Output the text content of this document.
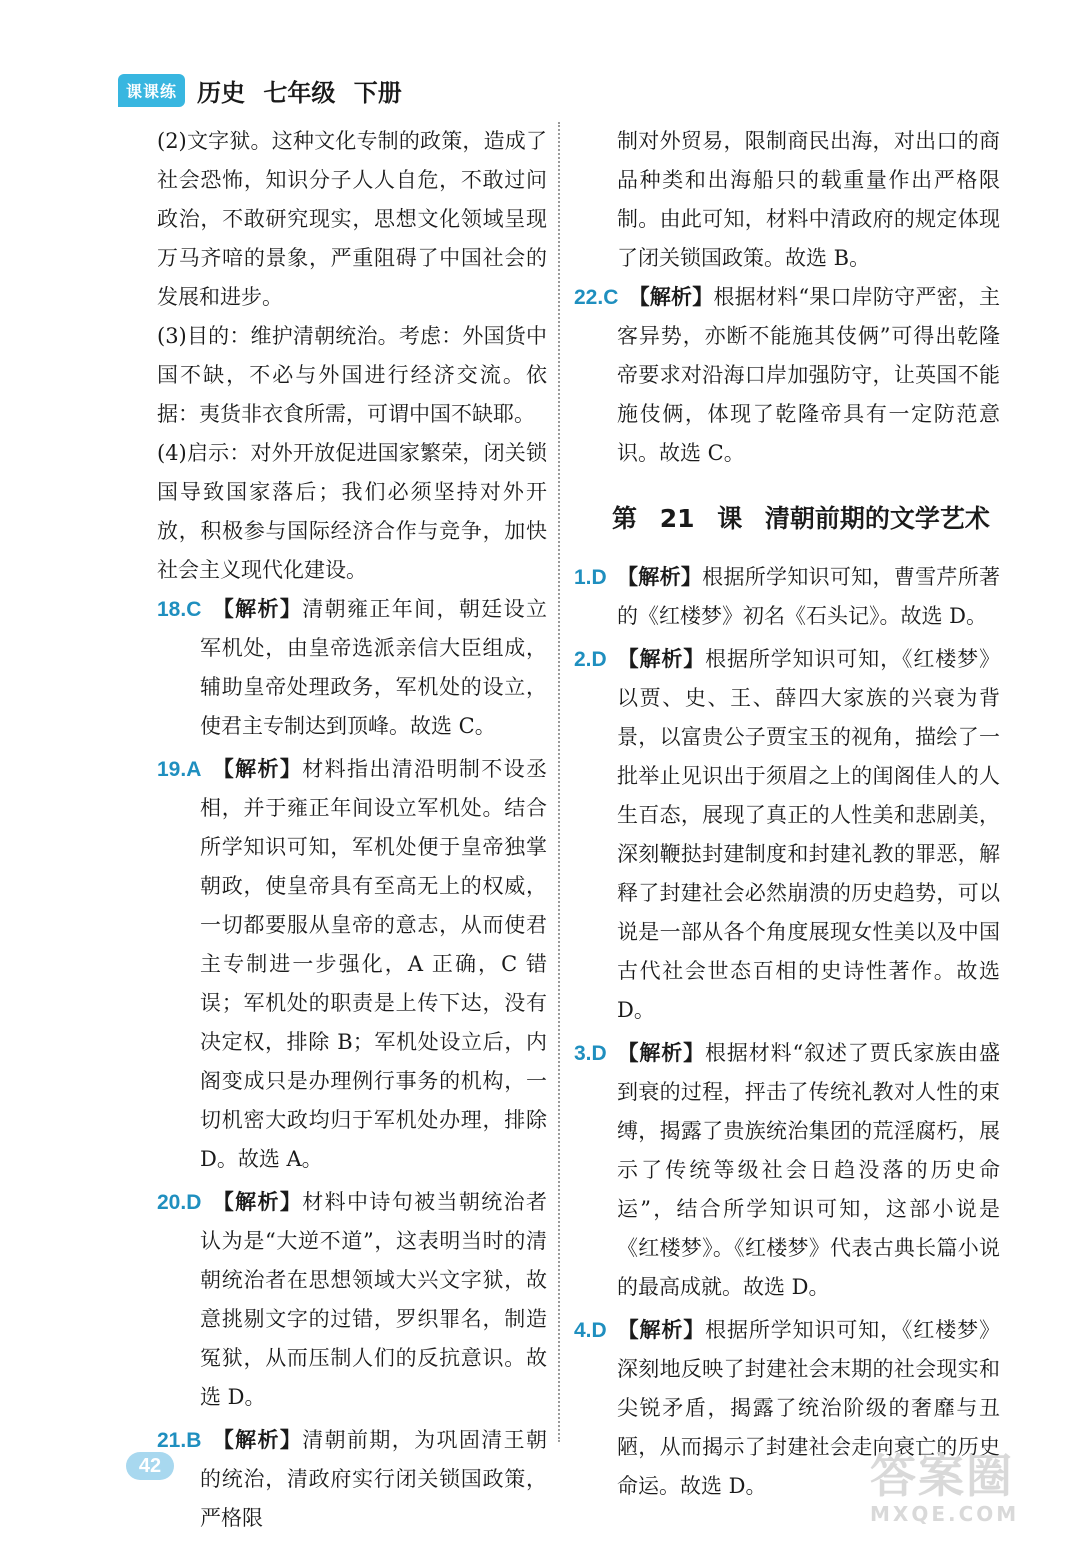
课课练 历史 七年级 下册

(2)文字狱。这种文化专制的政策，造成了社会恐怖，知识分子人人自危，不敢过问政治，不敢研究现实，思想文化领域呈现万马齐喑的景象，严重阻碍了中国社会的发展和进步。

(3)目的：维护清朝统治。考虑：外国货中国不缺，不必与外国进行经济交流。依据：夷货非衣食所需，可谓中国不缺耶。

(4)启示：对外开放促进国家繁荣，闭关锁国导致国家落后；我们必须坚持对外开放，积极参与国际经济合作与竞争，加快社会主义现代化建设。

18.C 【解析】清朝雍正年间，朝廷设立军机处，由皇帝选派亲信大臣组成，辅助皇帝处理政务，军机处的设立，使君主专制达到顶峰。故选 C。
19.A 【解析】材料指出清沿明制不设丞相，并于雍正年间设立军机处。结合所学知识可知，军机处便于皇帝独掌朝政，使皇帝具有至高无上的权威，一切都要服从皇帝的意志，从而使君主专制进一步强化，A 正确，C 错误；军机处的职责是上传下达，没有决定权，排除 B；军机处设立后，内阁变成只是办理例行事务的机构，一切机密大政均归于军机处办理，排除 D。故选 A。
20.D 【解析】材料中诗句被当朝统治者认为是“大逆不道”，这表明当时的清朝统治者在思想领域大兴文字狱，故意挑剔文字的过错，罗织罪名，制造冤狱，从而压制人们的反抗意识。故选 D。
21.B 【解析】清朝前期，为巩固清王朝的统治，清政府实行闭关锁国政策，严格限

制对外贸易，限制商民出海，对出口的商品种类和出海船只的载重量作出严格限制。由此可知，材料中清政府的规定体现了闭关锁国政策。故选 B。

22.C 【解析】根据材料“果口岸防守严密，主客异势，亦断不能施其伎俩”可得出乾隆帝要求对沿海口岸加强防守，让英国不能施伎俩，体现了乾隆帝具有一定防范意识。故选 C。
第 21 课 清朝前期的文学艺术
1.D 【解析】根据所学知识可知，曹雪芹所著的《红楼梦》初名《石头记》。故选 D。
2.D 【解析】根据所学知识可知，《红楼梦》以贾、史、王、薛四大家族的兴衰为背景，以富贵公子贾宝玉的视角，描绘了一批举止见识出于须眉之上的闺阁佳人的人生百态，展现了真正的人性美和悲剧美，深刻鞭挞封建制度和封建礼教的罪恶，解释了封建社会必然崩溃的历史趋势，可以说是一部从各个角度展现女性美以及中国古代社会世态百相的史诗性著作。故选 D。
3.D 【解析】根据材料“叙述了贾氏家族由盛到衰的过程，抨击了传统礼教对人性的束缚，揭露了贵族统治集团的荒淫腐朽，展示了传统等级社会日趋没落的历史命运”，结合所学知识可知，这部小说是《红楼梦》。《红楼梦》代表古典长篇小说的最高成就。故选 D。
4.D 【解析】根据所学知识可知，《红楼梦》深刻地反映了封建社会末期的社会现实和尖锐矛盾，揭露了统治阶级的奢靡与丑陋，从而揭示了封建社会走向衰亡的历史命运。故选 D。
42	答案圈
MXQE.COM
